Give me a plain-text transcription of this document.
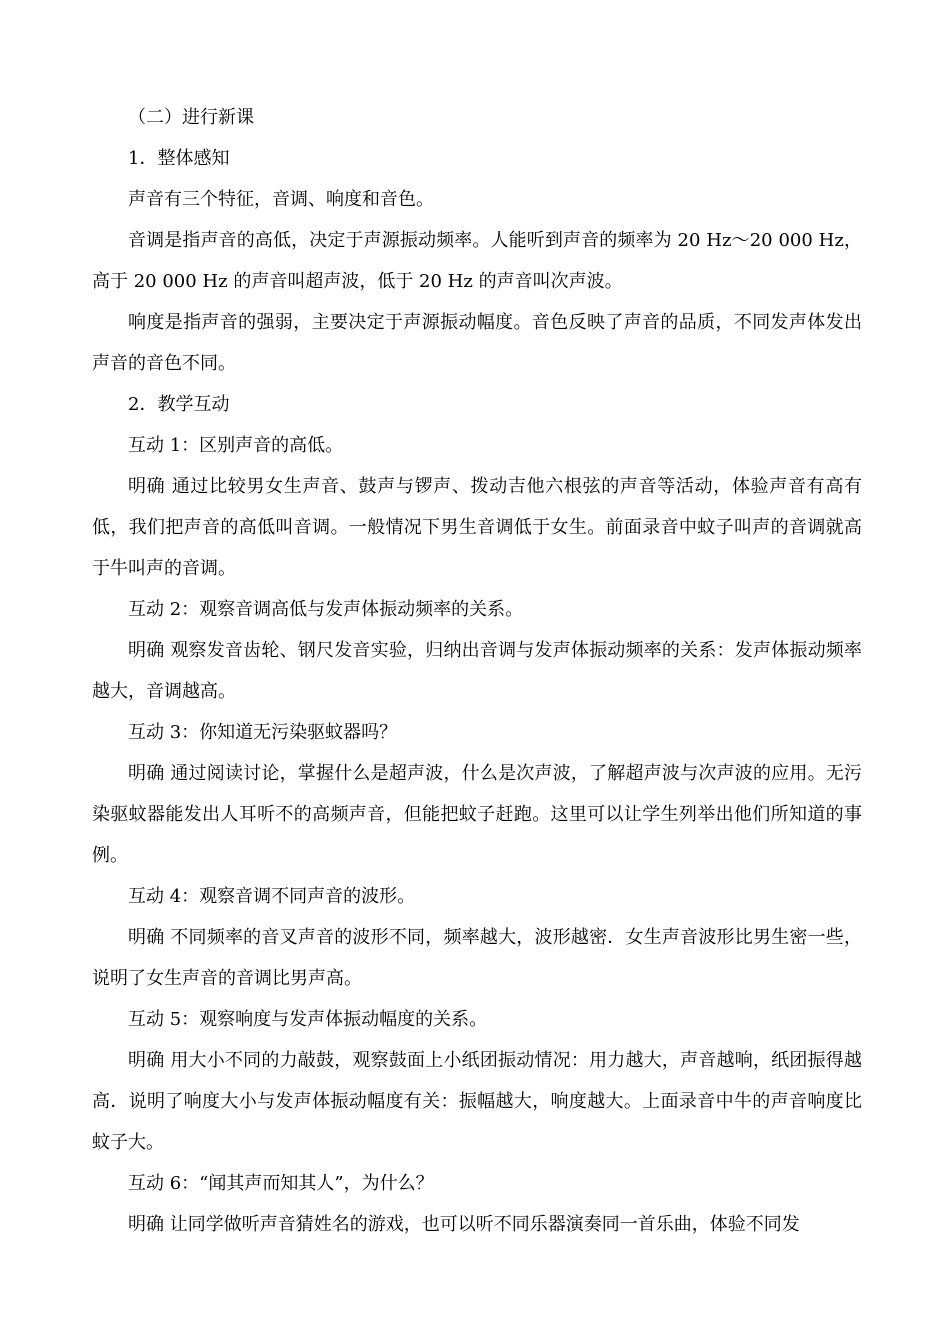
（二）进行新课

1．整体感知

声音有三个特征，音调、响度和音色。

音调是指声音的高低，决定于声源振动频率。人能听到声音的频率为 20 Hz～20 000 Hz，高于 20 000 Hz 的声音叫超声波，低于 20 Hz 的声音叫次声波。

响度是指声音的强弱，主要决定于声源振动幅度。音色反映了声音的品质，不同发声体发出声音的音色不同。

2．教学互动

互动 1：区别声音的高低。

明确 通过比较男女生声音、鼓声与锣声、拨动吉他六根弦的声音等活动，体验声音有高有低，我们把声音的高低叫音调。一般情况下男生音调低于女生。前面录音中蚊子叫声的音调就高于牛叫声的音调。

互动 2：观察音调高低与发声体振动频率的关系。

明确 观察发音齿轮、钢尺发音实验，归纳出音调与发声体振动频率的关系：发声体振动频率越大，音调越高。

互动 3：你知道无污染驱蚊器吗？

明确 通过阅读讨论，掌握什么是超声波，什么是次声波，了解超声波与次声波的应用。无污染驱蚊器能发出人耳听不的高频声音，但能把蚊子赶跑。这里可以让学生列举出他们所知道的事例。

互动 4：观察音调不同声音的波形。

明确 不同频率的音叉声音的波形不同，频率越大，波形越密．女生声音波形比男生密一些，说明了女生声音的音调比男声高。

互动 5：观察响度与发声体振动幅度的关系。

明确 用大小不同的力敲鼓，观察鼓面上小纸团振动情况：用力越大，声音越响，纸团振得越高．说明了响度大小与发声体振动幅度有关：振幅越大，响度越大。上面录音中牛的声音响度比蚊子大。

互动 6：“闻其声而知其人”，为什么？

明确 让同学做听声音猜姓名的游戏，也可以听不同乐器演奏同一首乐曲，体验不同发
